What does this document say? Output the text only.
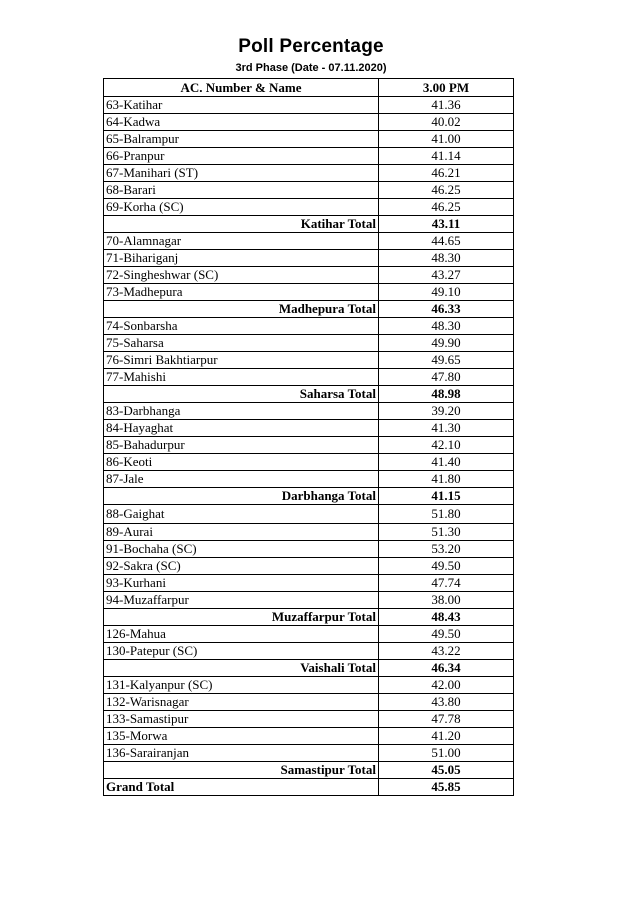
Poll Percentage
3rd Phase (Date - 07.11.2020)
AC. Number & Name	3.00 PM
63-Katihar	41.36
64-Kadwa	40.02
65-Balrampur	41.00
66-Pranpur	41.14
67-Manihari (ST)	46.21
68-Barari	46.25
69-Korha (SC)	46.25
Katihar Total	43.11
70-Alamnagar	44.65
71-Bihariganj	48.30
72-Singheshwar (SC)	43.27
73-Madhepura	49.10
Madhepura Total	46.33
74-Sonbarsha	48.30
75-Saharsa	49.90
76-Simri Bakhtiarpur	49.65
77-Mahishi	47.80
Saharsa Total	48.98
83-Darbhanga	39.20
84-Hayaghat	41.30
85-Bahadurpur	42.10
86-Keoti	41.40
87-Jale	41.80
Darbhanga Total	41.15
88-Gaighat	51.80
89-Aurai	51.30
91-Bochaha (SC)	53.20
92-Sakra (SC)	49.50
93-Kurhani	47.74
94-Muzaffarpur	38.00
Muzaffarpur Total	48.43
126-Mahua	49.50
130-Patepur (SC)	43.22
Vaishali Total	46.34
131-Kalyanpur (SC)	42.00
132-Warisnagar	43.80
133-Samastipur	47.78
135-Morwa	41.20
136-Sarairanjan	51.00
Samastipur Total	45.05
Grand Total	45.85
